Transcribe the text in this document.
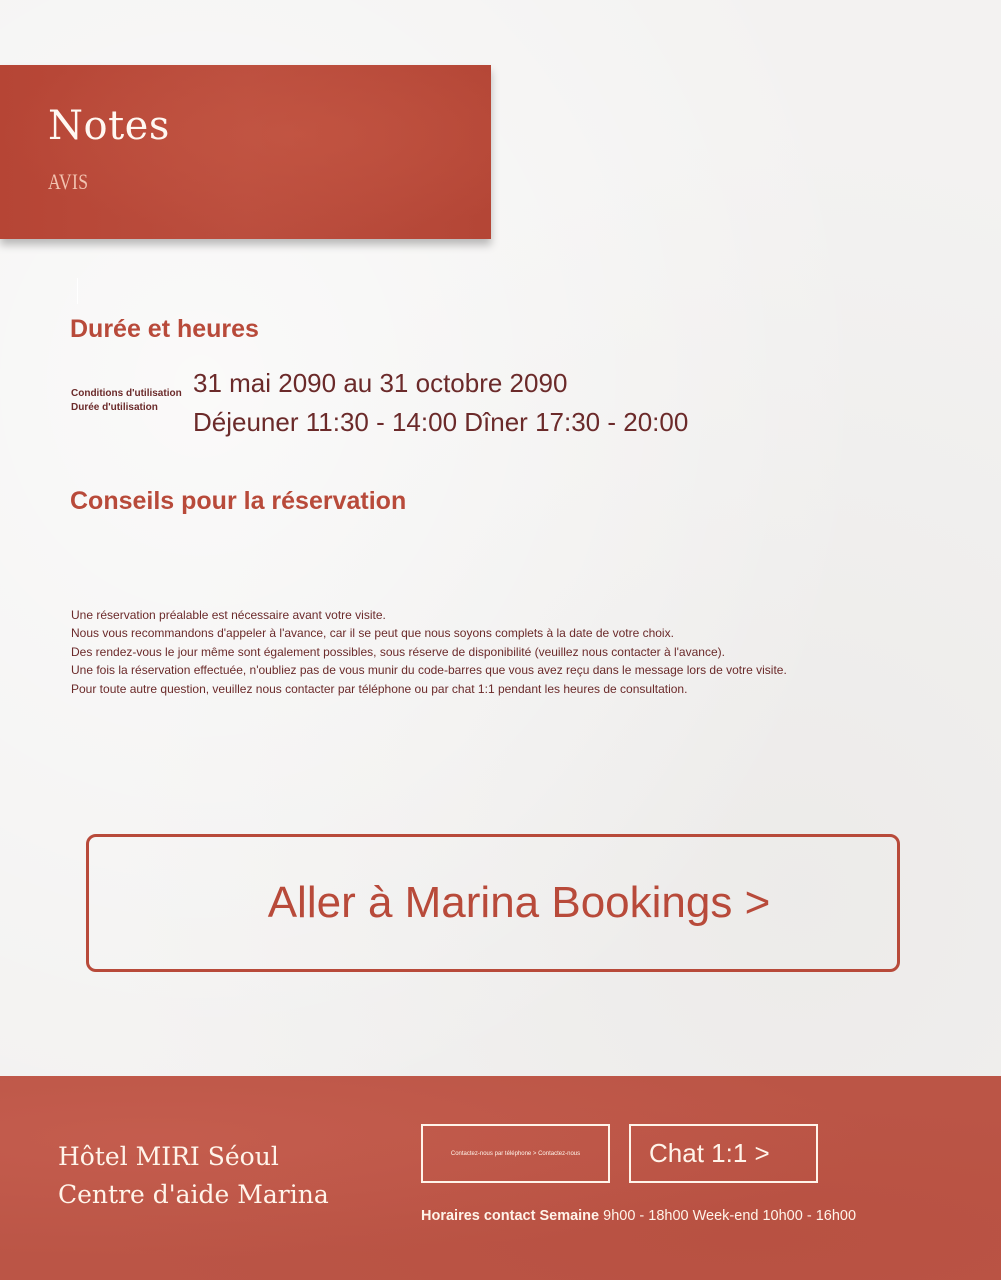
Notes
AVIS
Durée et heures
Conditions d'utilisation
Durée d'utilisation
31 mai 2090 au 31 octobre 2090
Déjeuner 11:30 - 14:00 Dîner 17:30 - 20:00
Conseils pour la réservation
Une réservation préalable est nécessaire avant votre visite.
Nous vous recommandons d'appeler à l'avance, car il se peut que nous soyons complets à la date de votre choix.
Des rendez-vous le jour même sont également possibles, sous réserve de disponibilité (veuillez nous contacter à l'avance).
Une fois la réservation effectuée, n'oubliez pas de vous munir du code-barres que vous avez reçu dans le message lors de votre visite.
Pour toute autre question, veuillez nous contacter par téléphone ou par chat 1:1 pendant les heures de consultation.
Aller à Marina Bookings >
Hôtel MIRI Séoul
Centre d'aide Marina
Contactez-nous par téléphone > Contactez-nous	Chat 1:1 >
Horaires contact Semaine 9h00 - 18h00 Week-end 10h00 - 16h00
